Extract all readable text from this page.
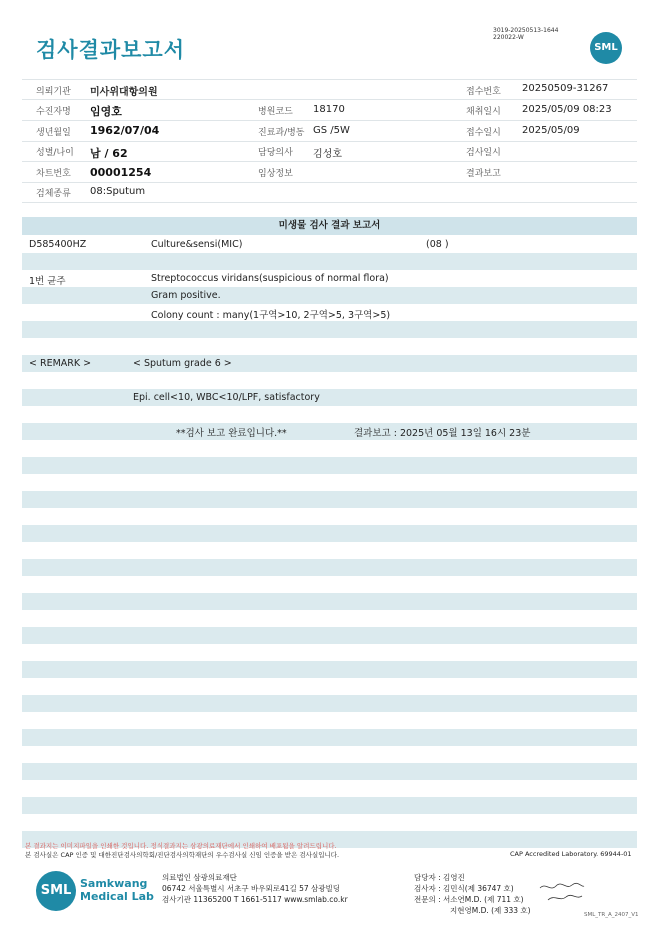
검사결과보고서
3019-20250513-1644
220022-W
SML
의뢰기관 미사위대항의원	접수번호 20250509-31267
수진자명 임영호	병원코드 18170	채취일시 2025/05/09 08:23
생년월일 1962/07/04	진료과/병동 GS /5W	접수일시 2025/05/09
성별/나이 남 / 62	담당의사 김성호	검사일시
차트번호 00001254	임상정보	결과보고
검체종류 08:Sputum
미생물 검사 결과 보고서
D585400HZ	Culture&sensi(MIC)	(08 )
1번 균주	Streptococcus viridans(suspicious of normal flora)
Gram positive.
Colony count : many(1구역>10, 2구역>5, 3구역>5)
< REMARK >	< Sputum grade 6 >
Epi. cell<10, WBC<10/LPF, satisfactory
**검사 보고 완료입니다.**	결과보고 : 2025년 05월 13일 16시 23분
본 결과지는 이미지파일을 인쇄한 것입니다. 정식결과지는 삼광의료재단에서 인쇄하여 배포됨을 알려드립니다.
본 검사실은 CAP 인증 및 대한진단검사의학회/진단검사의학재단의 우수검사실 신임 인증을 받은 검사실입니다.	CAP Accredited Laboratory. 69944-01
SML Samkwang
Medical Lab
의료법인 삼광의료재단
06742 서울특별시 서초구 바우뫼로41길 57 삼광빌딩
검사기관 11365200 T 1661-5117 www.smlab.co.kr
담당자 : 김영진
검사자 : 김민식(제 36747 호)
전문의 : 서소연M.D. (제 711 호)
지현영M.D. (제 333 호)	SML_TR_A_2407_V1
